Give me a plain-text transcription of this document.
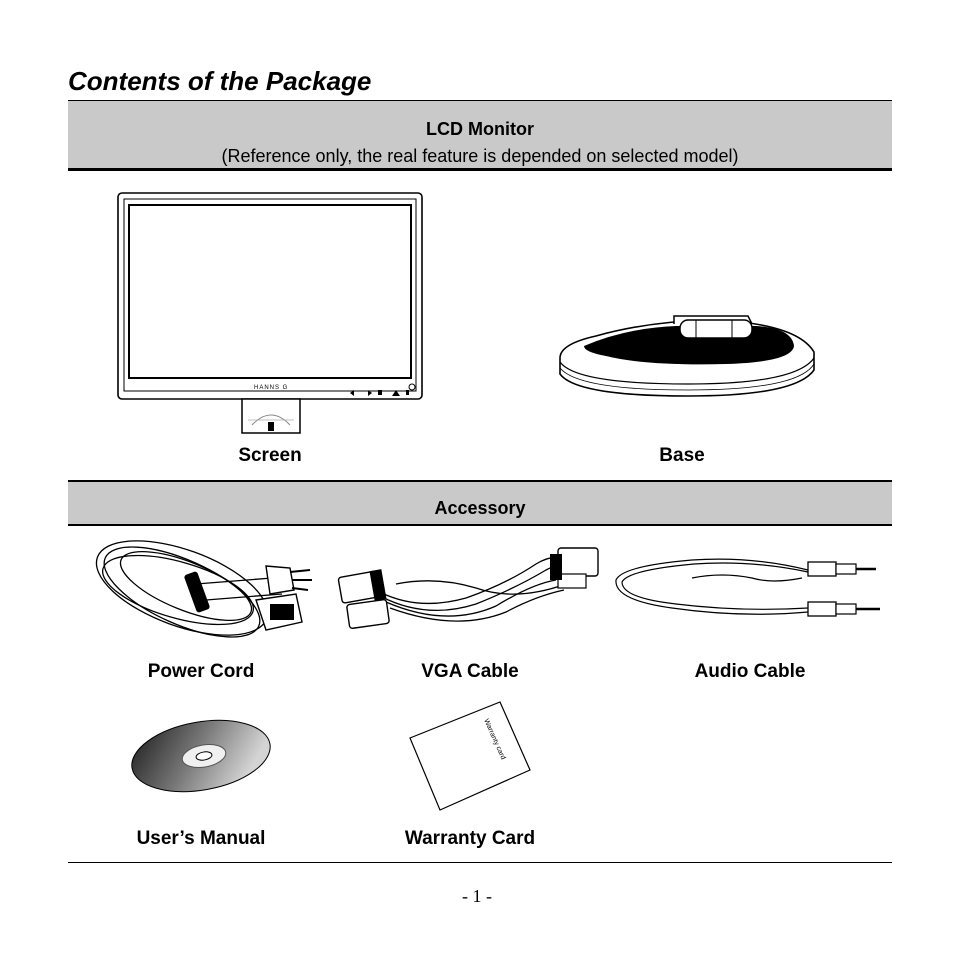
Contents of the Package
LCD Monitor
(Reference only, the real feature is depended on selected model)
HANNS G
Screen	Base
Accessory
Power Cord	VGA Cable	Audio Cable
User’s Manual
Warranty card
Warranty Card
- 1 -
